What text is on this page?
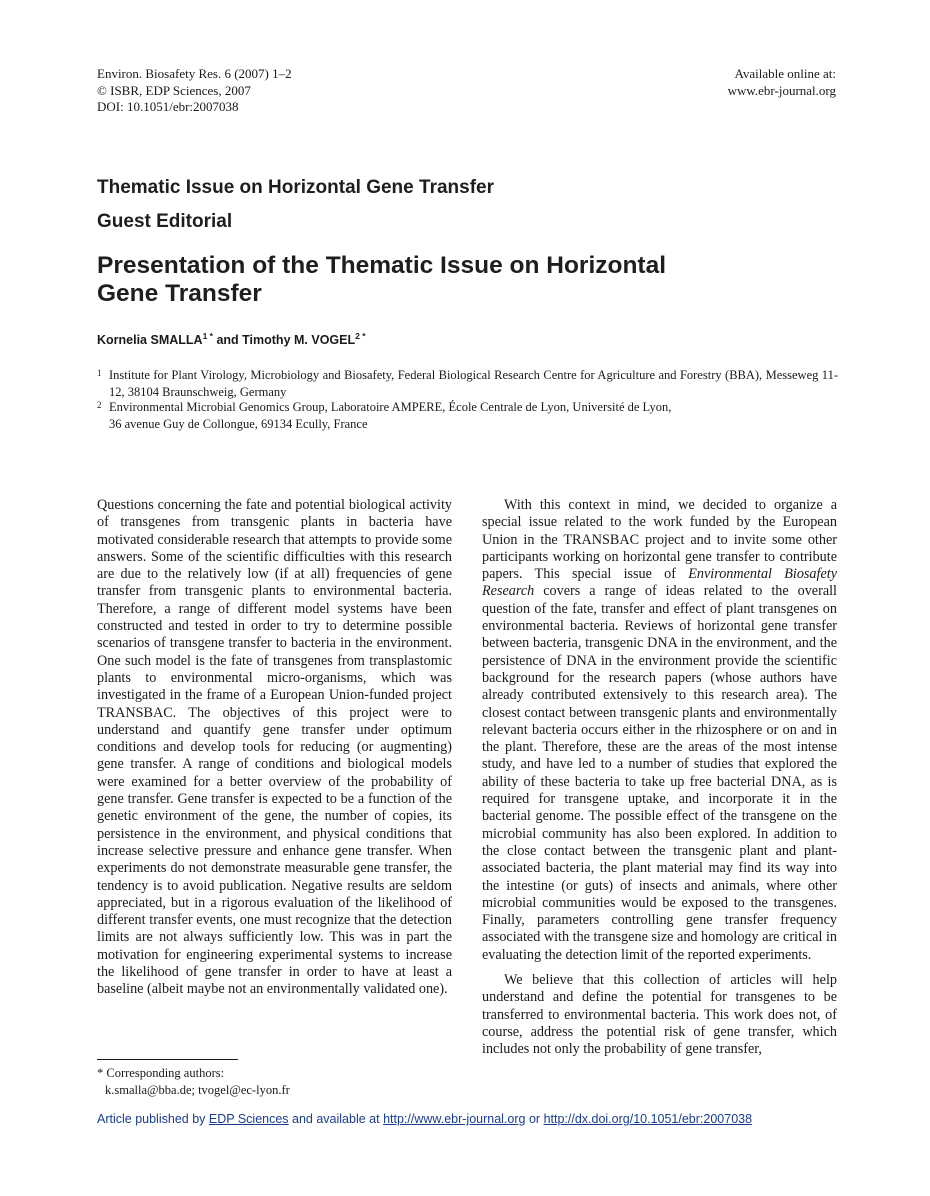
Environ. Biosafety Res. 6 (2007) 1–2
© ISBR, EDP Sciences, 2007
DOI: 10.1051/ebr:2007038
Available online at:
www.ebr-journal.org
Thematic Issue on Horizontal Gene Transfer
Guest Editorial
Presentation of the Thematic Issue on Horizontal
Gene Transfer
Kornelia $SMALLA^{1 *}$ and Timothy M. $VOGEL^{2 *}$
1 Institute for Plant Virology, Microbiology and Biosafety, Federal Biological Research Centre for Agriculture and Forestry (BBA), Messeweg 11-12, 38104 Braunschweig, Germany
2 Environmental Microbial Genomics Group, Laboratoire AMPERE, École Centrale de Lyon, Université de Lyon,
36 avenue Guy de Collongue, 69134 Ecully, France

Questions concerning the fate and potential biological activity of transgenes from transgenic plants in bacteria have motivated considerable research that attempts to provide some answers. Some of the scientific difficulties with this research are due to the relatively low (if at all) frequencies of gene transfer from transgenic plants to environmental bacteria. Therefore, a range of different model systems have been constructed and tested in order to try to determine possible scenarios of transgene transfer to bacteria in the environment. One such model is the fate of transgenes from transplastomic plants to environmental micro-organisms, which was investigated in the frame of a European Union-funded project TRANSBAC. The objectives of this project were to understand and quantify gene transfer under optimum conditions and develop tools for reducing (or augmenting) gene transfer. A range of conditions and biological models were examined for a better overview of the probability of gene transfer. Gene transfer is expected to be a function of the genetic environment of the gene, the number of copies, its persistence in the environment, and physical conditions that increase selective pressure and enhance gene transfer. When experiments do not demonstrate measurable gene transfer, the tendency is to avoid publication. Negative results are seldom appreciated, but in a rigorous evaluation of the likelihood of different transfer events, one must recognize that the detection limits are not always sufficiently low. This was in part the motivation for engineering experimental systems to increase the likelihood of gene transfer in order to have at least a baseline (albeit maybe not an environmentally validated one).

With this context in mind, we decided to organize a special issue related to the work funded by the European Union in the TRANSBAC project and to invite some other participants working on horizontal gene transfer to contribute papers. This special issue of Environmental Biosafety Research covers a range of ideas related to the overall question of the fate, transfer and effect of plant transgenes on environmental bacteria. Reviews of horizontal gene transfer between bacteria, transgenic DNA in the environment, and the persistence of DNA in the environment provide the scientific background for the research papers (whose authors have already contributed extensively to this research area). The closest contact between transgenic plants and environmentally relevant bacteria occurs either in the rhizosphere or on and in the plant. Therefore, these are the areas of the most intense study, and have led to a number of studies that explored the ability of these bacteria to take up free bacterial DNA, as is required for transgene uptake, and incorporate it in the bacterial genome. The possible effect of the transgene on the microbial community has also been explored. In addition to the close contact between the transgenic plant and plant-associated bacteria, the plant material may find its way into the intestine (or guts) of insects and animals, where other microbial communities would be exposed to the transgenes. Finally, parameters controlling gene transfer frequency associated with the transgene size and homology are critical in evaluating the detection limit of the reported experiments.

We believe that this collection of articles will help understand and define the potential for transgenes to be transferred to environmental bacteria. This work does not, of course, address the potential risk of gene transfer, which includes not only the probability of gene transfer,

* Corresponding authors:
k.smalla@bba.de; tvogel@ec-lyon.fr
Article published by EDP Sciences and available at http://www.ebr-journal.org or http://dx.doi.org/10.1051/ebr:2007038
